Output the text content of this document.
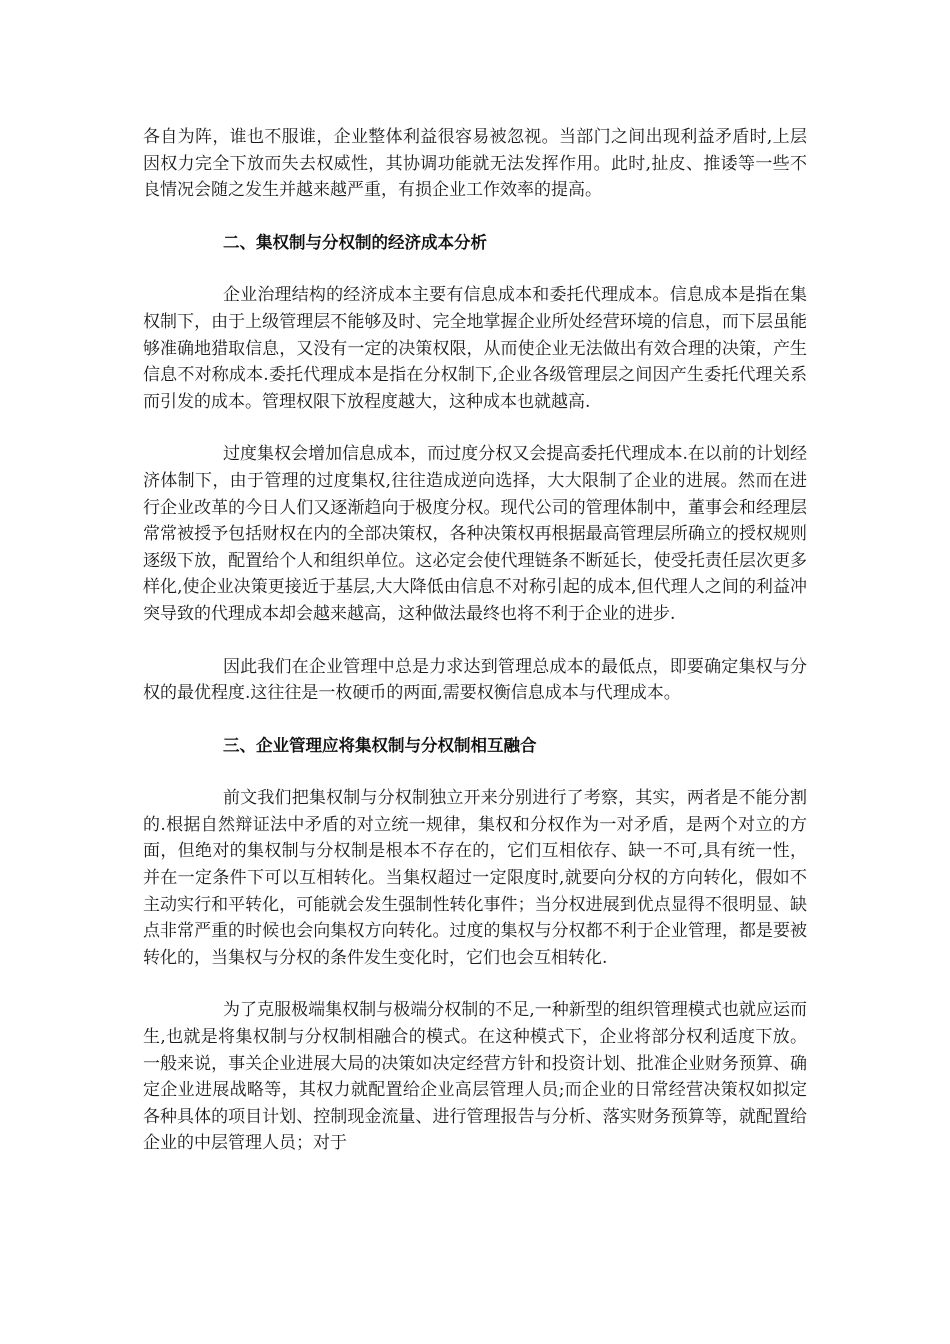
各自为阵，谁也不服谁，企业整体利益很容易被忽视。当部门之间出现利益矛盾时,上层因权力完全下放而失去权威性，其协调功能就无法发挥作用。此时,扯皮、推诿等一些不良情况会随之发生并越来越严重，有损企业工作效率的提高。

二、集权制与分权制的经济成本分析

企业治理结构的经济成本主要有信息成本和委托代理成本。信息成本是指在集权制下，由于上级管理层不能够及时、完全地掌握企业所处经营环境的信息，而下层虽能够准确地猎取信息，又没有一定的决策权限，从而使企业无法做出有效合理的决策，产生信息不对称成本.委托代理成本是指在分权制下,企业各级管理层之间因产生委托代理关系而引发的成本。管理权限下放程度越大，这种成本也就越高.

过度集权会增加信息成本，而过度分权又会提高委托代理成本.在以前的计划经济体制下，由于管理的过度集权,往往造成逆向选择，大大限制了企业的进展。然而在进行企业改革的今日人们又逐渐趋向于极度分权。现代公司的管理体制中，董事会和经理层常常被授予包括财权在内的全部决策权，各种决策权再根据最高管理层所确立的授权规则逐级下放，配置给个人和组织单位。这必定会使代理链条不断延长，使受托责任层次更多样化,使企业决策更接近于基层,大大降低由信息不对称引起的成本,但代理人之间的利益冲突导致的代理成本却会越来越高，这种做法最终也将不利于企业的进步.

因此我们在企业管理中总是力求达到管理总成本的最低点，即要确定集权与分权的最优程度.这往往是一枚硬币的两面,需要权衡信息成本与代理成本。

三、企业管理应将集权制与分权制相互融合

前文我们把集权制与分权制独立开来分别进行了考察，其实，两者是不能分割的.根据自然辩证法中矛盾的对立统一规律，集权和分权作为一对矛盾，是两个对立的方面，但绝对的集权制与分权制是根本不存在的，它们互相依存、缺一不可,具有统一性，并在一定条件下可以互相转化。当集权超过一定限度时,就要向分权的方向转化，假如不主动实行和平转化，可能就会发生强制性转化事件；当分权进展到优点显得不很明显、缺点非常严重的时候也会向集权方向转化。过度的集权与分权都不利于企业管理，都是要被转化的，当集权与分权的条件发生变化时，它们也会互相转化.

为了克服极端集权制与极端分权制的不足,一种新型的组织管理模式也就应运而生,也就是将集权制与分权制相融合的模式。在这种模式下，企业将部分权利适度下放。一般来说，事关企业进展大局的决策如决定经营方针和投资计划、批准企业财务预算、确定企业进展战略等，其权力就配置给企业高层管理人员;而企业的日常经营决策权如拟定各种具体的项目计划、控制现金流量、进行管理报告与分析、落实财务预算等，就配置给企业的中层管理人员；对于
